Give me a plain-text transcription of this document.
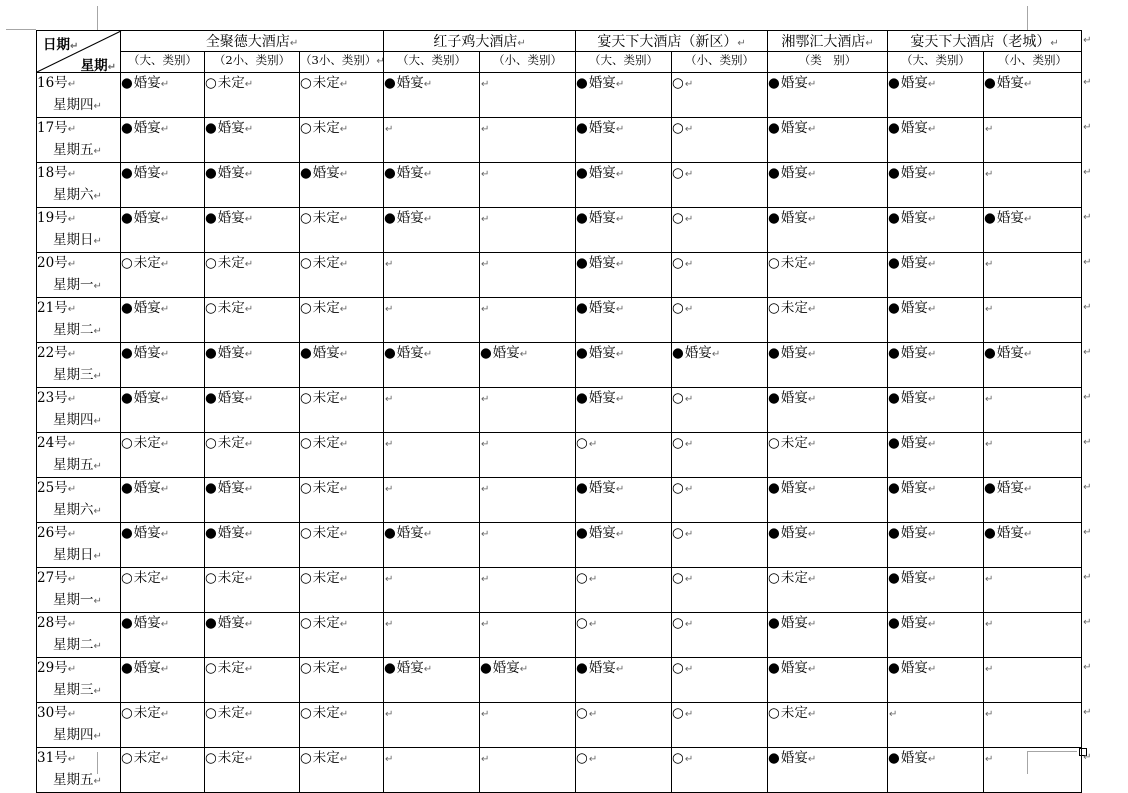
日期↵
星期↵	全聚德大酒店↵			红子鸡大酒店↵		宴天下大酒店（新区）↵		湘鄂汇大酒店↵	宴天下大酒店（老城）↵	
	（大、类别）	（2小、类别）	（3小、类别）↵	（大、类别）	（小、类别）	（大、类别）	（小、类别）	（类　别）	（大、类别）	（小、类别）

16号↵
星期四↵	●婚宴↵	○未定↵	○未定↵	●婚宴↵	↵	●婚宴↵	○↵	●婚宴↵	●婚宴↵	●婚宴↵

17号↵
星期五↵	●婚宴↵	●婚宴↵	○未定↵	↵	↵	●婚宴↵	○↵	●婚宴↵	●婚宴↵	↵

18号↵
星期六↵	●婚宴↵	●婚宴↵	●婚宴↵	●婚宴↵	↵	●婚宴↵	○↵	●婚宴↵	●婚宴↵	↵

19号↵
星期日↵	●婚宴↵	●婚宴↵	○未定↵	●婚宴↵	↵	●婚宴↵	○↵	●婚宴↵	●婚宴↵	●婚宴↵

20号↵
星期一↵	○未定↵	○未定↵	○未定↵	↵	↵	●婚宴↵	○↵	○未定↵	●婚宴↵	↵

21号↵
星期二↵	●婚宴↵	○未定↵	○未定↵	↵	↵	●婚宴↵	○↵	○未定↵	●婚宴↵	↵

22号↵
星期三↵	●婚宴↵	●婚宴↵	●婚宴↵	●婚宴↵	●婚宴↵	●婚宴↵	●婚宴↵	●婚宴↵	●婚宴↵	●婚宴↵

23号↵
星期四↵	●婚宴↵	●婚宴↵	○未定↵	↵	↵	●婚宴↵	○↵	●婚宴↵	●婚宴↵	↵

24号↵
星期五↵	○未定↵	○未定↵	○未定↵	↵	↵	○↵	○↵	○未定↵	●婚宴↵	↵

25号↵
星期六↵	●婚宴↵	●婚宴↵	○未定↵	↵	↵	●婚宴↵	○↵	●婚宴↵	●婚宴↵	●婚宴↵

26号↵
星期日↵	●婚宴↵	●婚宴↵	○未定↵	●婚宴↵	↵	●婚宴↵	○↵	●婚宴↵	●婚宴↵	●婚宴↵

27号↵
星期一↵	○未定↵	○未定↵	○未定↵	↵	↵	○↵	○↵	○未定↵	●婚宴↵	↵

28号↵
星期二↵	●婚宴↵	●婚宴↵	○未定↵	↵	↵	○↵	○↵	●婚宴↵	●婚宴↵	↵

29号↵
星期三↵	●婚宴↵	○未定↵	○未定↵	●婚宴↵	●婚宴↵	●婚宴↵	○↵	●婚宴↵	●婚宴↵	↵

30号↵
星期四↵	○未定↵	○未定↵	○未定↵	↵	↵	○↵	○↵	○未定↵	↵	↵

31号↵
星期五↵	○未定↵	○未定↵	○未定↵	↵	↵	○↵	○↵	●婚宴↵	●婚宴↵	↵
↵
↵
↵
↵
↵
↵
↵
↵
↵
↵
↵
↵
↵
↵
↵
↵
↵
